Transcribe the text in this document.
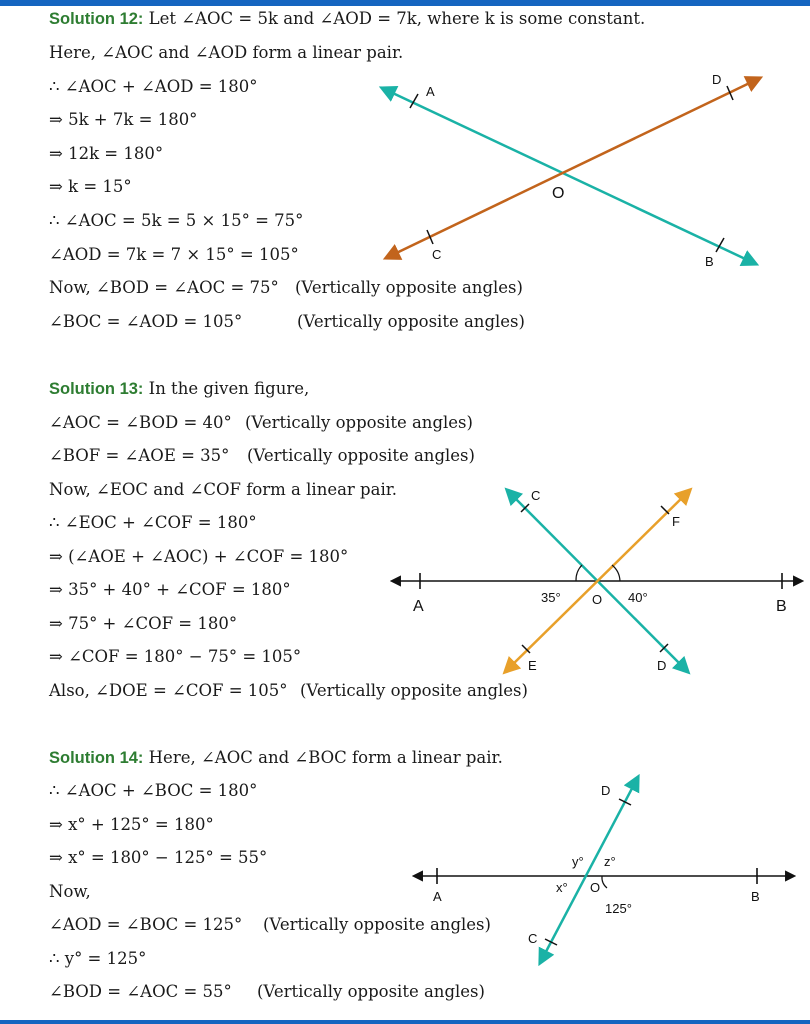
Solution 12: Let ∠AOC = 5k and ∠AOD = 7k, where k is some constant.
Here, ∠AOC and ∠AOD form a linear pair.
∴ ∠AOC + ∠AOD = 180°
⇒ 5k + 7k = 180°
⇒ 12k = 180°
⇒ k = 15°
∴ ∠AOC = 5k = 5 × 15° = 75°
∠AOD = 7k = 7 × 15° = 105°
Now, ∠BOD = ∠AOC = 75° (Vertically opposite angles)
∠BOC = ∠AOD = 105°	(Vertically opposite angles)
Solution 13: In the given figure,
∠AOC = ∠BOD = 40° (Vertically opposite angles)
∠BOF = ∠AOE = 35° (Vertically opposite angles)
Now, ∠EOC and ∠COF form a linear pair.
∴ ∠EOC + ∠COF = 180°
⇒ (∠AOE + ∠AOC) + ∠COF = 180°
⇒ 35° + 40° + ∠COF = 180°
⇒ 75° + ∠COF = 180°
⇒ ∠COF = 180° − 75° = 105°
Also, ∠DOE = ∠COF = 105° (Vertically opposite angles)
Solution 14: Here, ∠AOC and ∠BOC form a linear pair.
∴ ∠AOC + ∠BOC = 180°
⇒ x° + 125° = 180°
⇒ x° = 180° − 125° = 55°
Now,
∠AOD = ∠BOC = 125° (Vertically opposite angles)
∴ y° = 125°
∠BOD = ∠AOC = 55° (Vertically opposite angles)
A
B
C
D
O
A	B
C
D
E
F
O
35°	40°
A	B
C
D
O
x°
y° z°
125°
